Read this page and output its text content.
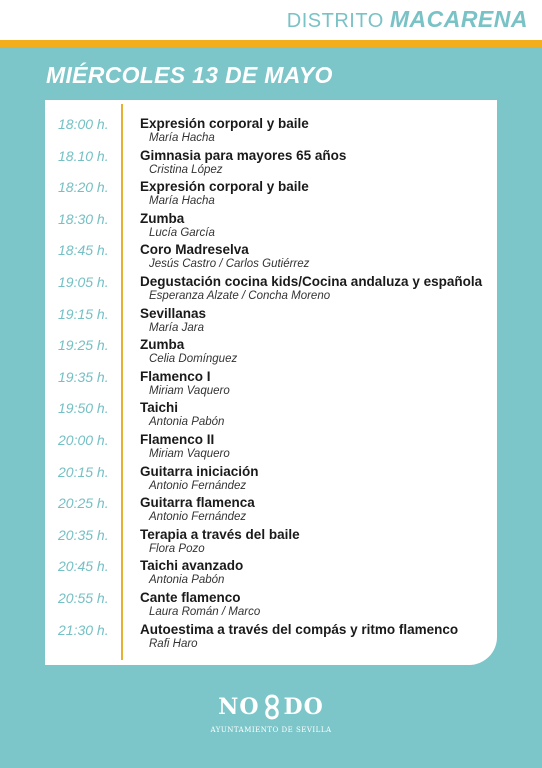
DISTRITO MACARENA
MIÉRCOLES 13 DE MAYO
18:00 h. Expresión corporal y baile
María Hacha
18.10 h. Gimnasia para mayores 65 años
Cristina López
18:20 h. Expresión corporal y baile
María Hacha
18:30 h. Zumba
Lucía García
18:45 h. Coro Madreselva
Jesús Castro / Carlos Gutiérrez
19:05 h. Degustación cocina kids/Cocina andaluza y española
Esperanza Alzate / Concha Moreno
19:15 h. Sevillanas
María Jara
19:25 h. Zumba
Celia Domínguez
19:35 h. Flamenco I
Miriam Vaquero
19:50 h. Taichi
Antonia Pabón
20:00 h. Flamenco II
Miriam Vaquero
20:15 h. Guitarra iniciación
Antonio Fernández
20:25 h. Guitarra flamenca
Antonio Fernández
20:35 h. Terapia a través del baile
Flora Pozo
20:45 h. Taichi avanzado
Antonia Pabón
20:55 h. Cante flamenco
Laura Román / Marco
21:30 h. Autoestima a través del compás y ritmo flamenco
Rafi Haro
NO DO
AYUNTAMIENTO DE SEVILLA
